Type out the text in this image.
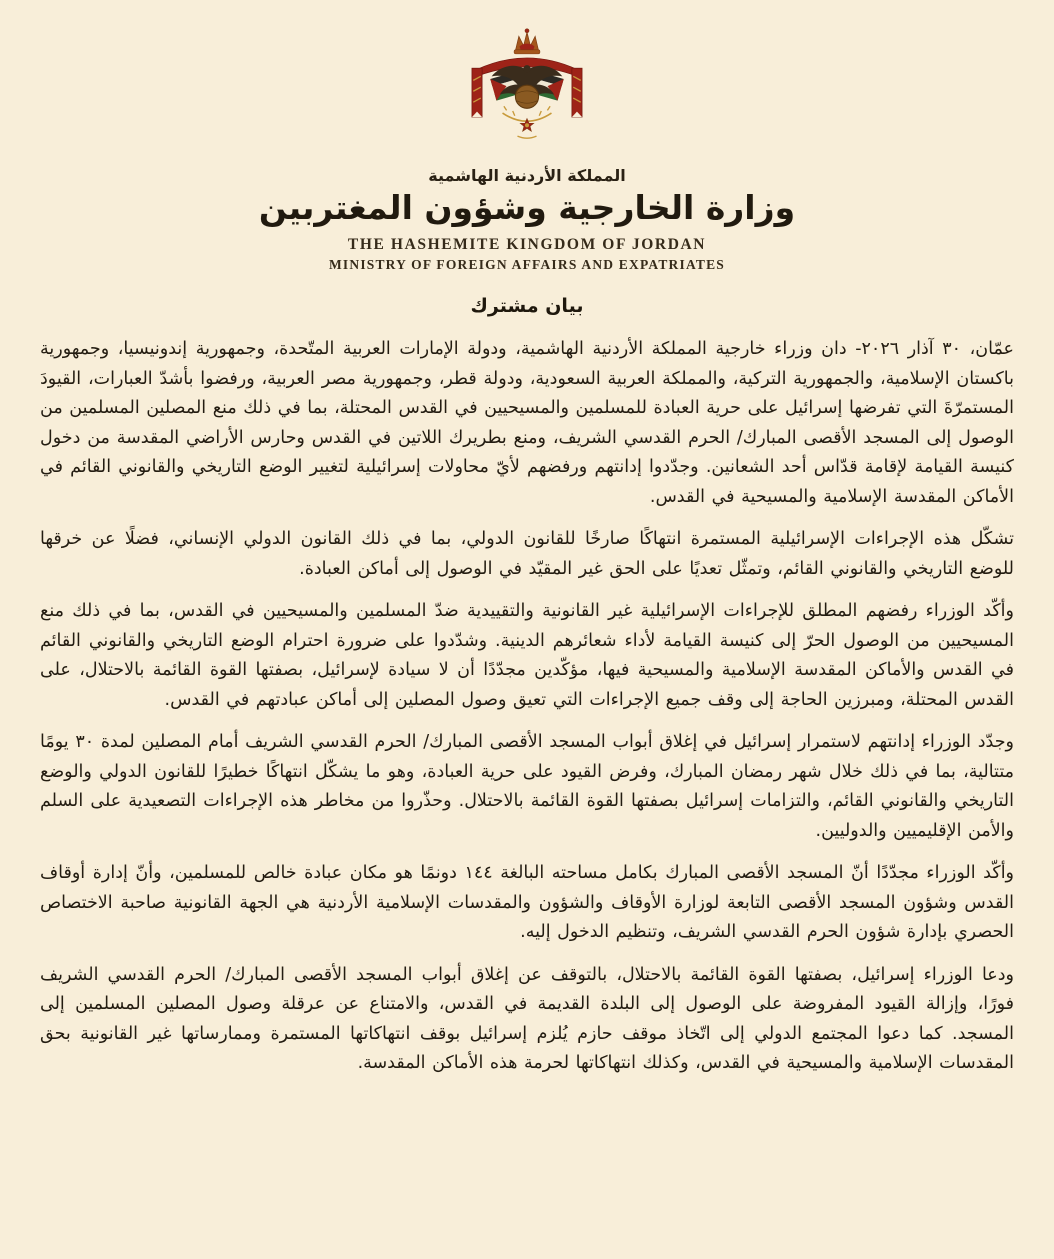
المملكة الأردنية الهاشمية
وزارة الخارجية وشؤون المغتربين
THE HASHEMITE KINGDOM OF JORDAN
MINISTRY OF FOREIGN AFFAIRS AND EXPATRIATES
بيان مشترك

عمّان، ٣٠ آذار ٢٠٢٦- دان وزراء خارجية المملكة الأردنية الهاشمية، ودولة الإمارات العربية المتّحدة، وجمهورية إندونيسيا، وجمهورية باكستان الإسلامية، والجمهورية التركية، والمملكة العربية السعودية، ودولة قطر، وجمهورية مصر العربية، ورفضوا بأشدّ العبارات، القيودَ المستمرّةَ التي تفرضها إسرائيل على حرية العبادة للمسلمين والمسيحيين في القدس المحتلة، بما في ذلك منع المصلين المسلمين من الوصول إلى المسجد الأقصى المبارك/ الحرم القدسي الشريف، ومنع بطريرك اللاتين في القدس وحارس الأراضي المقدسة من دخول كنيسة القيامة لإقامة قدّاس أحد الشعانين. وجدّدوا إدانتهم ورفضهم لأيّ محاولات إسرائيلية لتغيير الوضع التاريخي والقانوني القائم في الأماكن المقدسة الإسلامية والمسيحية في القدس.

تشكّل هذه الإجراءات الإسرائيلية المستمرة انتهاكًا صارخًا للقانون الدولي، بما في ذلك القانون الدولي الإنساني، فضلًا عن خرقها للوضع التاريخي والقانوني القائم، وتمثّل تعديًا على الحق غير المقيّد في الوصول إلى أماكن العبادة.

وأكّد الوزراء رفضهم المطلق للإجراءات الإسرائيلية غير القانونية والتقييدية ضدّ المسلمين والمسيحيين في القدس، بما في ذلك منع المسيحيين من الوصول الحرّ إلى كنيسة القيامة لأداء شعائرهم الدينية. وشدّدوا على ضرورة احترام الوضع التاريخي والقانوني القائم في القدس والأماكن المقدسة الإسلامية والمسيحية فيها، مؤكّدين مجدّدًا أن لا سيادة لإسرائيل، بصفتها القوة القائمة بالاحتلال، على القدس المحتلة، ومبرزين الحاجة إلى وقف جميع الإجراءات التي تعيق وصول المصلين إلى أماكن عبادتهم في القدس.

وجدّد الوزراء إدانتهم لاستمرار إسرائيل في إغلاق أبواب المسجد الأقصى المبارك/ الحرم القدسي الشريف أمام المصلين لمدة ٣٠ يومًا متتالية، بما في ذلك خلال شهر رمضان المبارك، وفرض القيود على حرية العبادة، وهو ما يشكّل انتهاكًا خطيرًا للقانون الدولي والوضع التاريخي والقانوني القائم، والتزامات إسرائيل بصفتها القوة القائمة بالاحتلال. وحذّروا من مخاطر هذه الإجراءات التصعيدية على السلم والأمن الإقليميين والدوليين.

وأكّد الوزراء مجدّدًا أنّ المسجد الأقصى المبارك بكامل مساحته البالغة ١٤٤ دونمًا هو مكان عبادة خالص للمسلمين، وأنّ إدارة أوقاف القدس وشؤون المسجد الأقصى التابعة لوزارة الأوقاف والشؤون والمقدسات الإسلامية الأردنية هي الجهة القانونية صاحبة الاختصاص الحصري بإدارة شؤون الحرم القدسي الشريف، وتنظيم الدخول إليه.

ودعا الوزراء إسرائيل، بصفتها القوة القائمة بالاحتلال، بالتوقف عن إغلاق أبواب المسجد الأقصى المبارك/ الحرم القدسي الشريف فورًا، وإزالة القيود المفروضة على الوصول إلى البلدة القديمة في القدس، والامتناع عن عرقلة وصول المصلين المسلمين إلى المسجد. كما دعوا المجتمع الدولي إلى اتّخاذ موقف حازم يُلزم إسرائيل بوقف انتهاكاتها المستمرة وممارساتها غير القانونية بحق المقدسات الإسلامية والمسيحية في القدس، وكذلك انتهاكاتها لحرمة هذه الأماكن المقدسة.
